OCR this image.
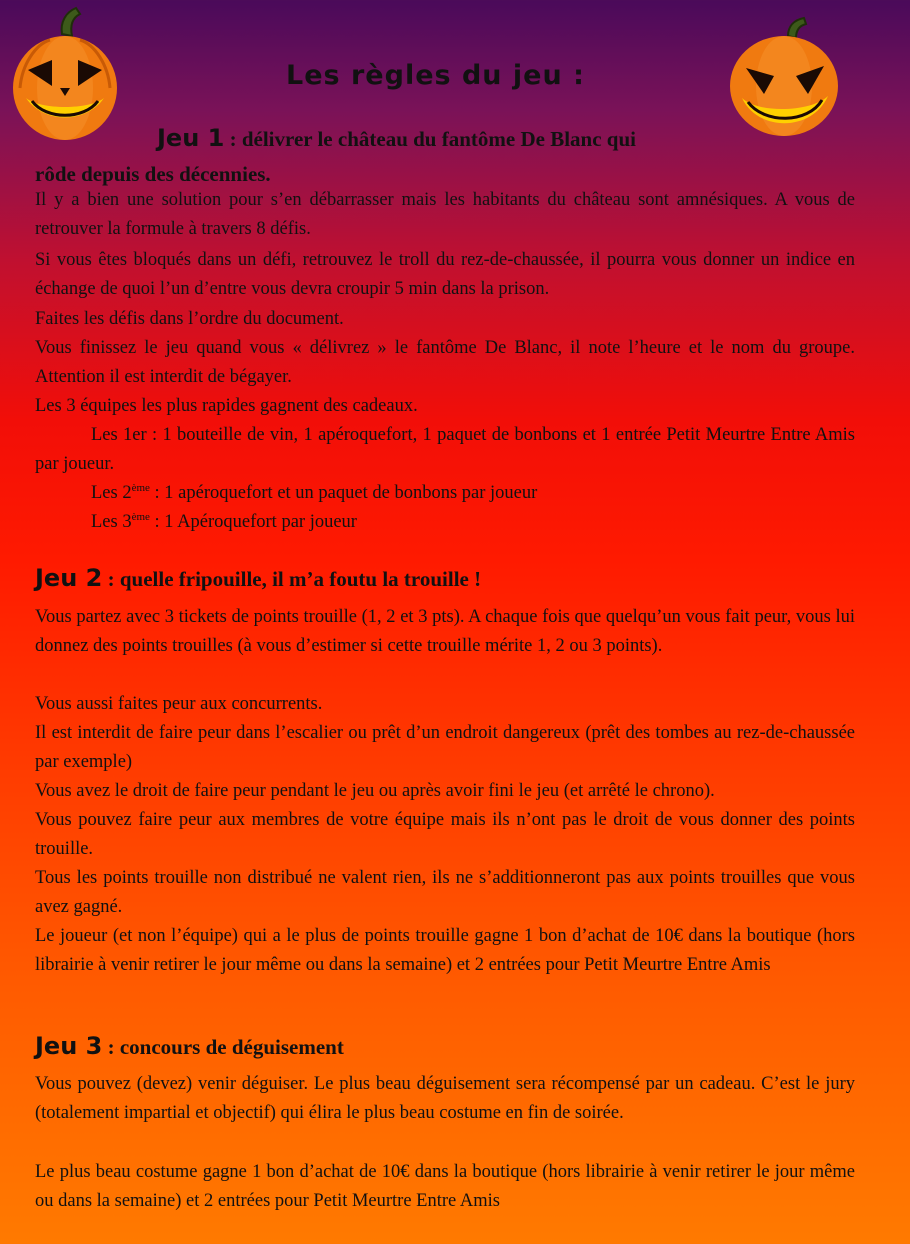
Les règles du jeu :
Jeu 1 : délivrer le château du fantôme De Blanc qui
rôde depuis des décennies.

Il y a bien une solution pour s’en débarrasser mais les habitants du château sont amnésiques. A vous de retrouver la formule à travers 8 défis.

Si vous êtes bloqués dans un défi, retrouvez le troll du rez-de-chaussée, il pourra vous donner un indice en échange de quoi l’un d’entre vous devra croupir 5 min dans la prison.

Faites les défis dans l’ordre du document.

Vous finissez le jeu quand vous « délivrez » le fantôme De Blanc, il note l’heure et le nom du groupe. Attention il est interdit de bégayer.

Les 3 équipes les plus rapides gagnent des cadeaux.

Les 1er : 1 bouteille de vin, 1 apéroquefort, 1 paquet de bonbons et 1 entrée Petit Meurtre Entre Amis par joueur.

Les 2ème : 1 apéroquefort et un paquet de bonbons par joueur

Les 3ème : 1 Apéroquefort par joueur

Jeu 2 : quelle fripouille, il m’a foutu la trouille !

Vous partez avec 3 tickets de points trouille (1, 2 et 3 pts). A chaque fois que quelqu’un vous fait peur, vous lui donnez des points trouilles (à vous d’estimer si cette trouille mérite 1, 2 ou 3 points).

Vous aussi faites peur aux concurrents.

Il est interdit de faire peur dans l’escalier ou prêt d’un endroit dangereux (prêt des tombes au rez-de-chaussée par exemple)

Vous avez le droit de faire peur pendant le jeu ou après avoir fini le jeu (et arrêté le chrono).

Vous pouvez faire peur aux membres de votre équipe mais ils n’ont pas le droit de vous donner des points trouille.

Tous les points trouille non distribué ne valent rien, ils ne s’additionneront pas aux points trouilles que vous avez gagné.

Le joueur (et non l’équipe) qui a le plus de points trouille gagne 1 bon d’achat de 10€ dans la boutique (hors librairie à venir retirer le jour même ou dans la semaine) et 2 entrées pour Petit Meurtre Entre Amis

Jeu 3 : concours de déguisement

Vous pouvez (devez) venir déguiser. Le plus beau déguisement sera récompensé par un cadeau. C’est le jury (totalement impartial et objectif) qui élira le plus beau costume en fin de soirée.

Le plus beau costume gagne 1 bon d’achat de 10€ dans la boutique (hors librairie à venir retirer le jour même ou dans la semaine) et 2 entrées pour Petit Meurtre Entre Amis
